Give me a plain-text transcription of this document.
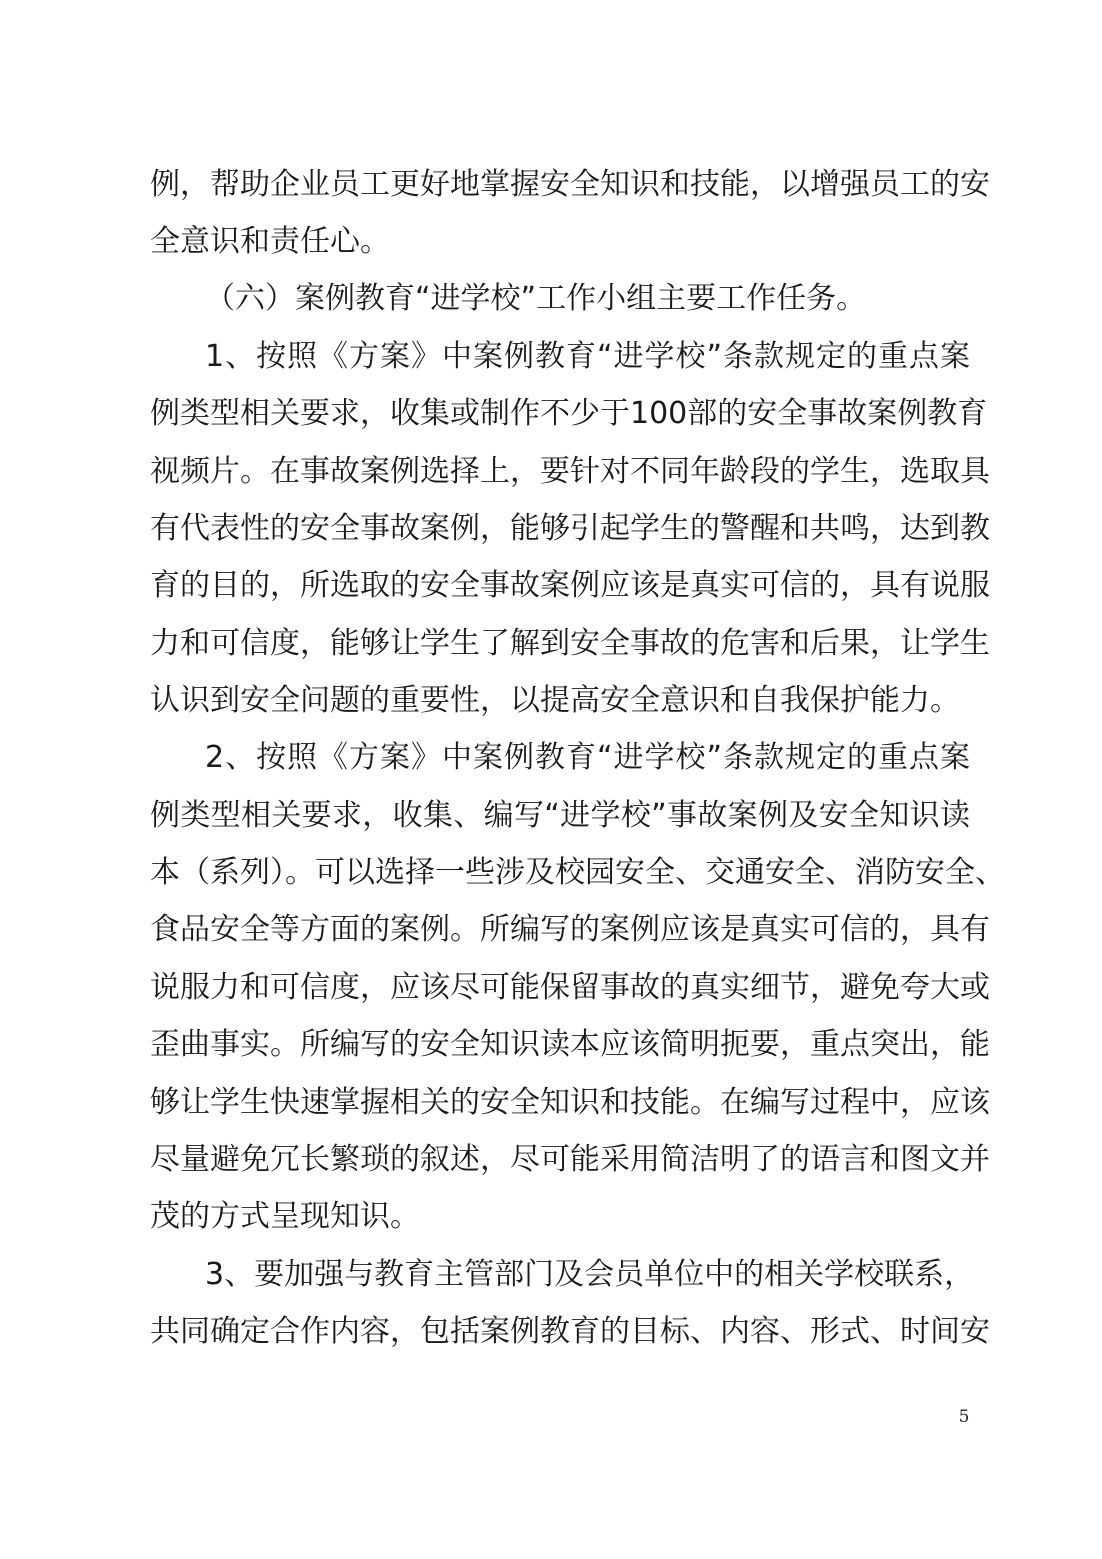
例，帮助企业员工更好地掌握安全知识和技能，以增强员工的安
全意识和责任心。
（六）案例教育“进学校”工作小组主要工作任务。
1、按照《方案》中案例教育“进学校”条款规定的重点案
例类型相关要求，收集或制作不少于100部的安全事故案例教育
视频片。在事故案例选择上，要针对不同年龄段的学生，选取具
有代表性的安全事故案例，能够引起学生的警醒和共鸣，达到教
育的目的，所选取的安全事故案例应该是真实可信的，具有说服
力和可信度，能够让学生了解到安全事故的危害和后果，让学生
认识到安全问题的重要性，以提高安全意识和自我保护能力。
2、按照《方案》中案例教育“进学校”条款规定的重点案
例类型相关要求，收集、编写“进学校”事故案例及安全知识读
本（系列）。可以选择一些涉及校园安全、交通安全、消防安全、
食品安全等方面的案例。所编写的案例应该是真实可信的，具有
说服力和可信度，应该尽可能保留事故的真实细节，避免夸大或
歪曲事实。所编写的安全知识读本应该简明扼要，重点突出，能
够让学生快速掌握相关的安全知识和技能。在编写过程中，应该
尽量避免冗长繁琐的叙述，尽可能采用简洁明了的语言和图文并
茂的方式呈现知识。
3、要加强与教育主管部门及会员单位中的相关学校联系，
共同确定合作内容，包括案例教育的目标、内容、形式、时间安
5
